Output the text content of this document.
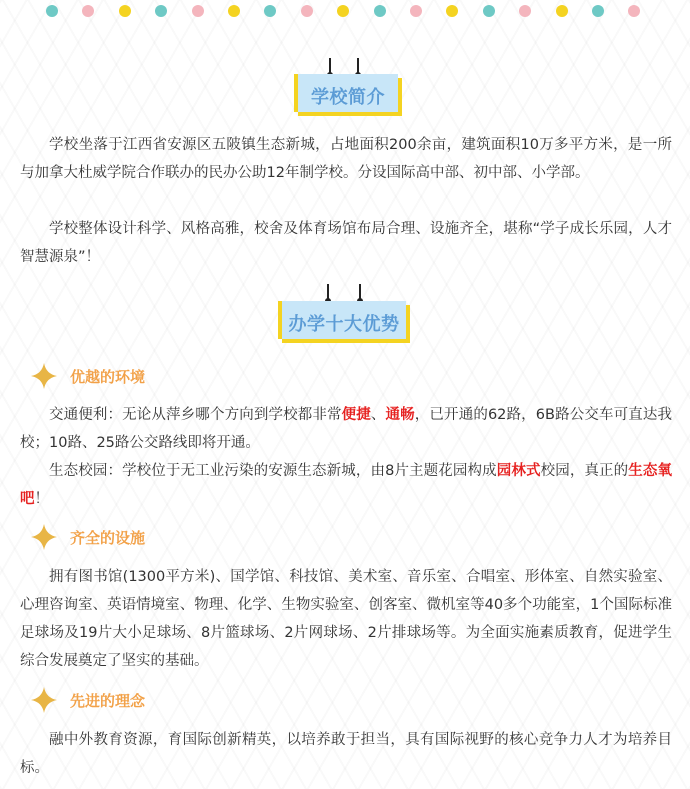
学校简介

学校坐落于江西省安源区五陂镇生态新城，占地面积200余亩，建筑面积10万多平方米，是一所与加拿大杜威学院合作联办的民办公助12年制学校。分设国际高中部、初中部、小学部。

学校整体设计科学、风格高雅，校舍及体育场馆布局合理、设施齐全，堪称“学子成长乐园，人才智慧源泉”！

办学十大优势
优越的环境

交通便利：无论从萍乡哪个方向到学校都非常便捷、通畅，已开通的62路，6B路公交车可直达我校；10路、25路公交路线即将开通。

生态校园：学校位于无工业污染的安源生态新城，由8片主题花园构成园林式校园，真正的生态氧吧！

齐全的设施

拥有图书馆(1300平方米)、国学馆、科技馆、美术室、音乐室、合唱室、形体室、自然实验室、心理咨询室、英语情境室、物理、化学、生物实验室、创客室、微机室等40多个功能室，1个国际标准足球场及19片大小足球场、8片篮球场、2片网球场、2片排球场等。为全面实施素质教育，促进学生综合发展奠定了坚实的基础。

先进的理念

融中外教育资源，育国际创新精英，以培养敢于担当，具有国际视野的核心竞争力人才为培养目标。
